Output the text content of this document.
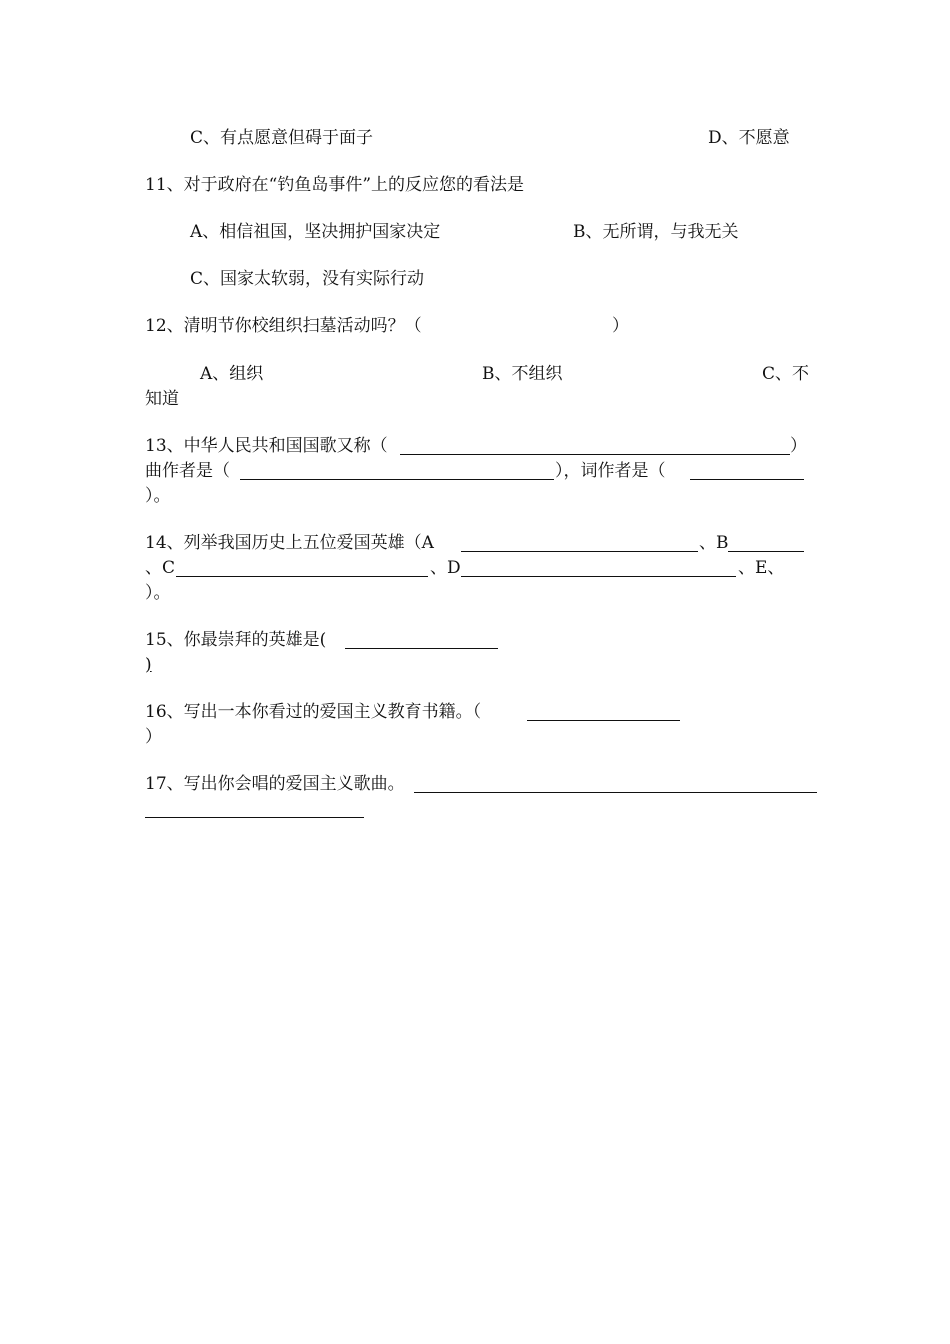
C、有点愿意但碍于面子	D、不愿意
11、对于政府在“钓鱼岛事件”上的反应您的看法是
A、相信祖国，坚决拥护国家决定	B、无所谓，与我无关
C、国家太软弱，没有实际行动
12、清明节你校组织扫墓活动吗？（	）
A、组织	B、不组织	C、不
知道
13、中华人民共和国国歌又称（	）
曲作者是（	），词作者是（
）。
14、列举我国历史上五位爱国英雄（A	、B
、C	、D	、E、
）。
15、你最崇拜的英雄是(
)
16、写出一本你看过的爱国主义教育书籍。（
）
17、写出你会唱的爱国主义歌曲。
